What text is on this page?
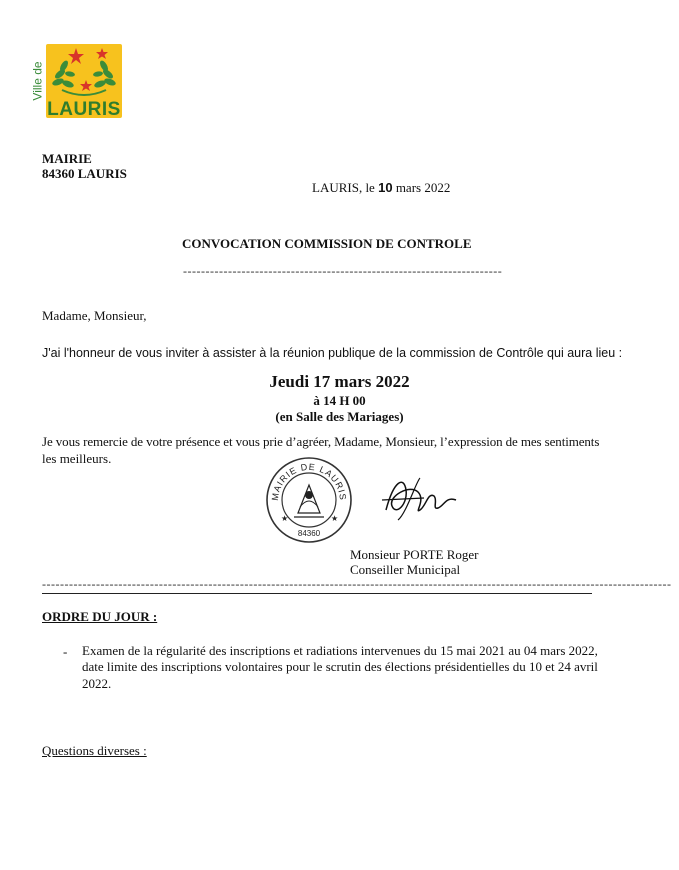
Ville de
LAURIS
MAIRIE
84360 LAURIS
LAURIS, le 10 mars 2022
CONVOCATION COMMISSION DE CONTROLE
-----------------------------------------------------------------------
Madame, Monsieur,
J'ai l'honneur de vous inviter à assister à la réunion publique de la commission de Contrôle qui aura lieu :
Jeudi 17 mars 2022
à 14 H 00
(en Salle des Mariages)
Je vous remercie de votre présence et vous prie d’agréer, Madame, Monsieur, l’expression de mes sentiments
les meilleurs.
MAIRIE DE LAURIS
★	★
84360
Monsieur PORTE Roger
Conseiller Municipal
--------------------------------------------------------------------------------------------------------------------------------------------
ORDRE DU JOUR :
- Examen de la régularité des inscriptions et radiations intervenues du 15 mai 2021 au 04 mars 2022,
date limite des inscriptions volontaires pour le scrutin des élections présidentielles du 10 et 24 avril
2022.
Questions diverses :
